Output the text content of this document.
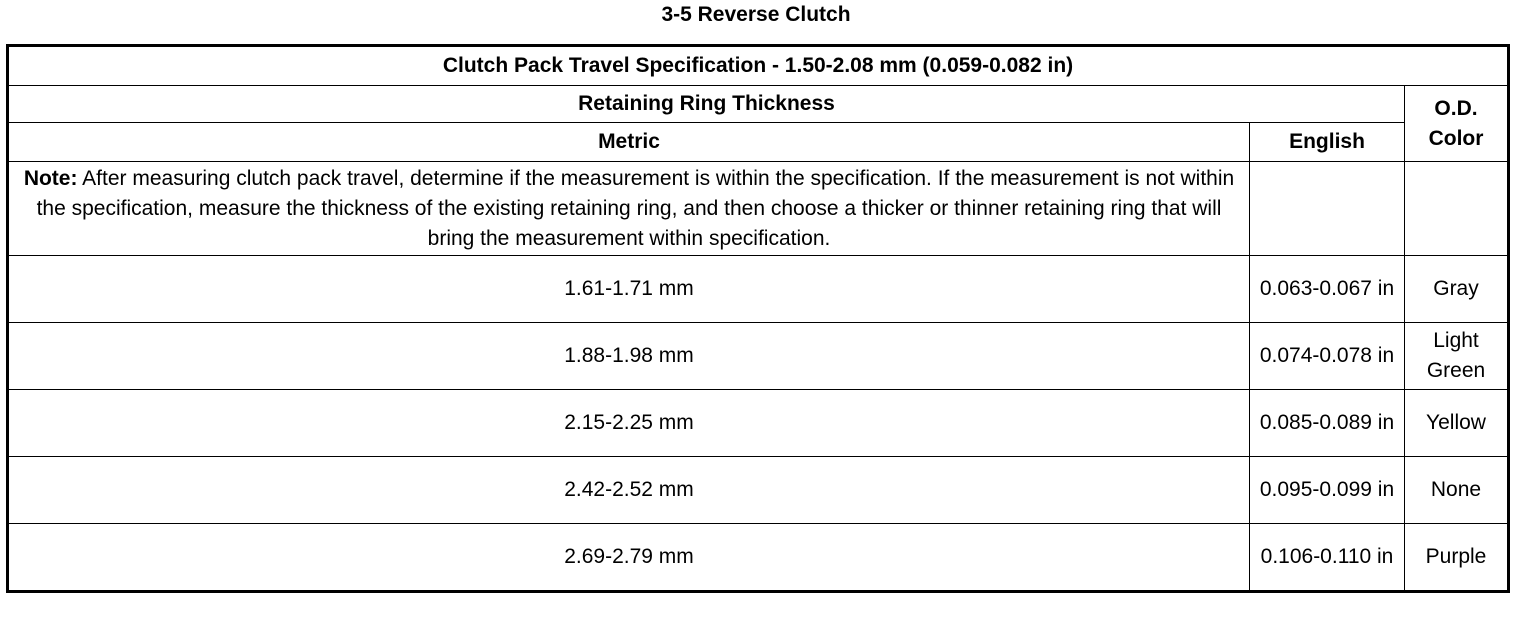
3-5 Reverse Clutch
Clutch Pack Travel Specification - 1.50-2.08 mm (0.059-0.082 in)		
Retaining Ring Thickness		O.D. Color
Metric	English	
Note: After measuring clutch pack travel, determine if the measurement is within the specification. If the measurement is not within the specification, measure the thickness of the existing retaining ring, and then choose a thicker or thinner retaining ring that will bring the measurement within specification.		
1.61-1.71 mm	0.063-0.067 in	Gray
1.88-1.98 mm	0.074-0.078 in	Light Green
2.15-2.25 mm	0.085-0.089 in	Yellow
2.42-2.52 mm	0.095-0.099 in	None
2.69-2.79 mm	0.106-0.110 in	Purple
